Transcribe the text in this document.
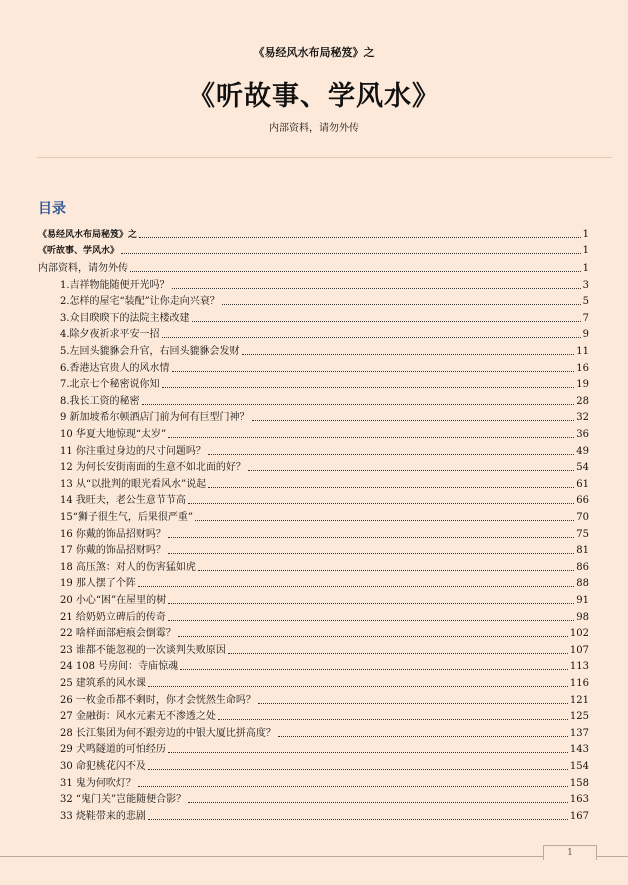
《易经风水布局秘笈》之
《听故事、学风水》
内部资料，请勿外传
目录
《易经风水布局秘笈》之	1
《听故事、学风水》	1
内部资料，请勿外传	1
1.吉祥物能随便开光吗？	3
2.怎样的屋宅“装配”让你走向兴衰？	5
3.众目睽睽下的法院主楼改建	7
4.除夕夜祈求平安一招	9
5.左回头貔貅会升官，右回头貔貅会发财	11
6.香港达官贵人的风水情	16
7.北京七个秘密说你知	19
8.我长工资的秘密	28
9 新加坡希尔顿酒店门前为何有巨型门神？	32
10 华夏大地惊现“太岁”	36
11 你注重过身边的尺寸问题吗？	49
12 为何长安街南面的生意不如北面的好？	54
13 从“以批判的眼光看风水”说起	61
14 我旺夫，老公生意节节高	66
15“狮子很生气，后果很严重”	70
16 你戴的饰品招财吗？	75
17 你戴的饰品招财吗？	81
18 高压煞：对人的伤害猛如虎	86
19 那人摆了个阵	88
20 小心“困”在屋里的树	91
21 给奶奶立碑后的传奇	98
22 啥样面部疤痕会倒霉？	102
23 谁都不能忽视的一次谈判失败原因	107
24 108 号房间：寺庙惊魂	113
25 建筑系的风水课	116
26 一枚金币都不剩时，你才会恍然生命吗？	121
27 金融街：风水元素无不渗透之处	125
28 长江集团为何不跟旁边的中银大厦比拼高度？	137
29 犬鸣隧道的可怕经历	143
30 命犯桃花闪不及	154
31 鬼为何吹灯？	158
32 “鬼门关”岂能随便合影？	163
33 烧鞋带来的悲剧	167
1
